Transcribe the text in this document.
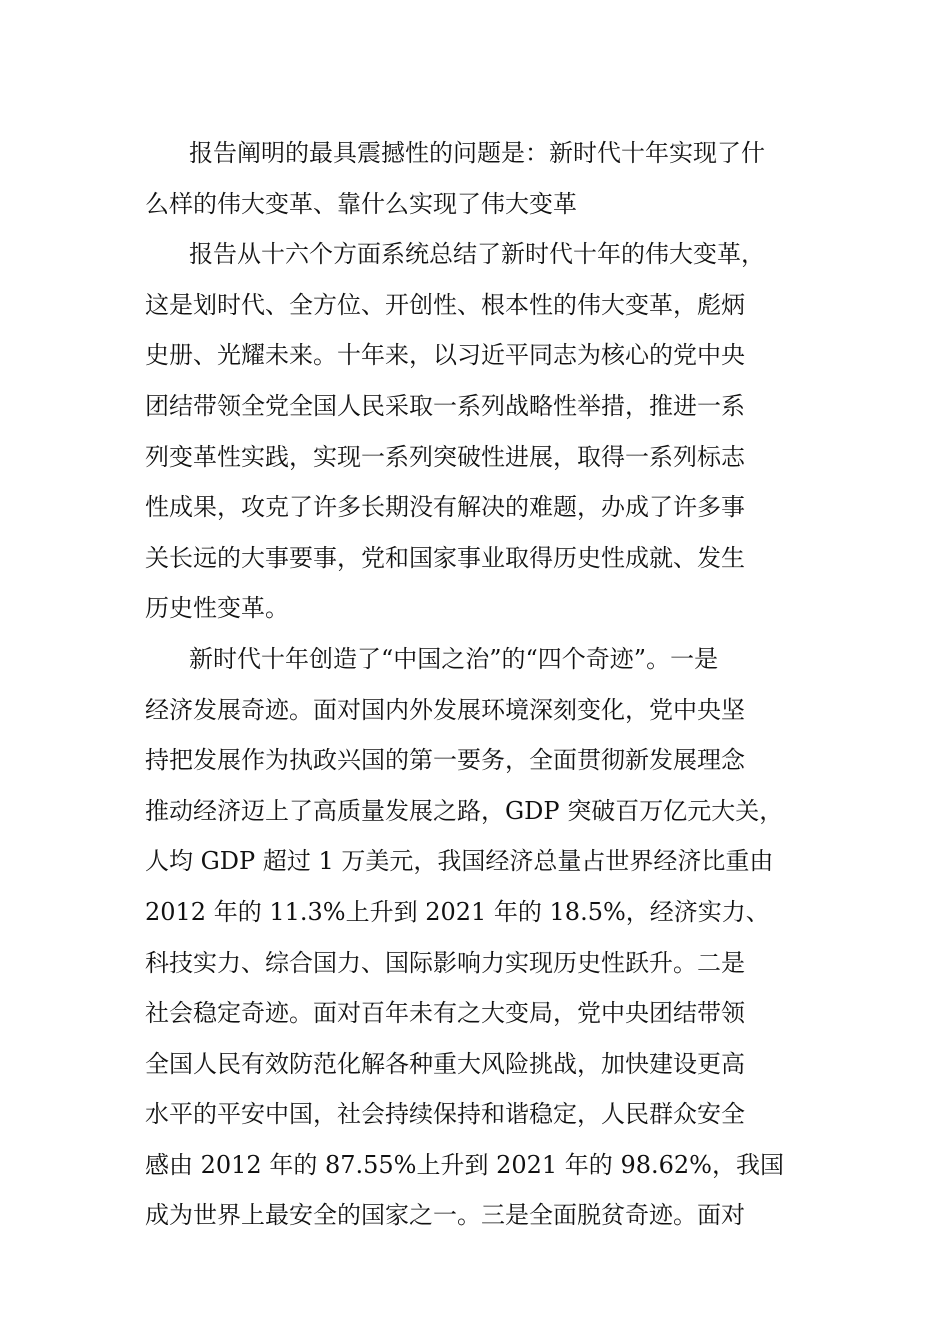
报告阐明的最具震撼性的问题是：新时代十年实现了什
么样的伟大变革、靠什么实现了伟大变革
报告从十六个方面系统总结了新时代十年的伟大变革，
这是划时代、全方位、开创性、根本性的伟大变革，彪炳
史册、光耀未来。十年来，以习近平同志为核心的党中央
团结带领全党全国人民采取一系列战略性举措，推进一系
列变革性实践，实现一系列突破性进展，取得一系列标志
性成果，攻克了许多长期没有解决的难题，办成了许多事
关长远的大事要事，党和国家事业取得历史性成就、发生
历史性变革。
新时代十年创造了“中国之治”的“四个奇迹”。一是
经济发展奇迹。面对国内外发展环境深刻变化，党中央坚
持把发展作为执政兴国的第一要务，全面贯彻新发展理念
推动经济迈上了高质量发展之路，GDP 突破百万亿元大关，
人均 GDP 超过 1 万美元，我国经济总量占世界经济比重由
2012 年的 11.3%上升到 2021 年的 18.5%，经济实力、
科技实力、综合国力、国际影响力实现历史性跃升。二是
社会稳定奇迹。面对百年未有之大变局，党中央团结带领
全国人民有效防范化解各种重大风险挑战，加快建设更高
水平的平安中国，社会持续保持和谐稳定，人民群众安全
感由 2012 年的 87.55%上升到 2021 年的 98.62%，我国
成为世界上最安全的国家之一。三是全面脱贫奇迹。面对
